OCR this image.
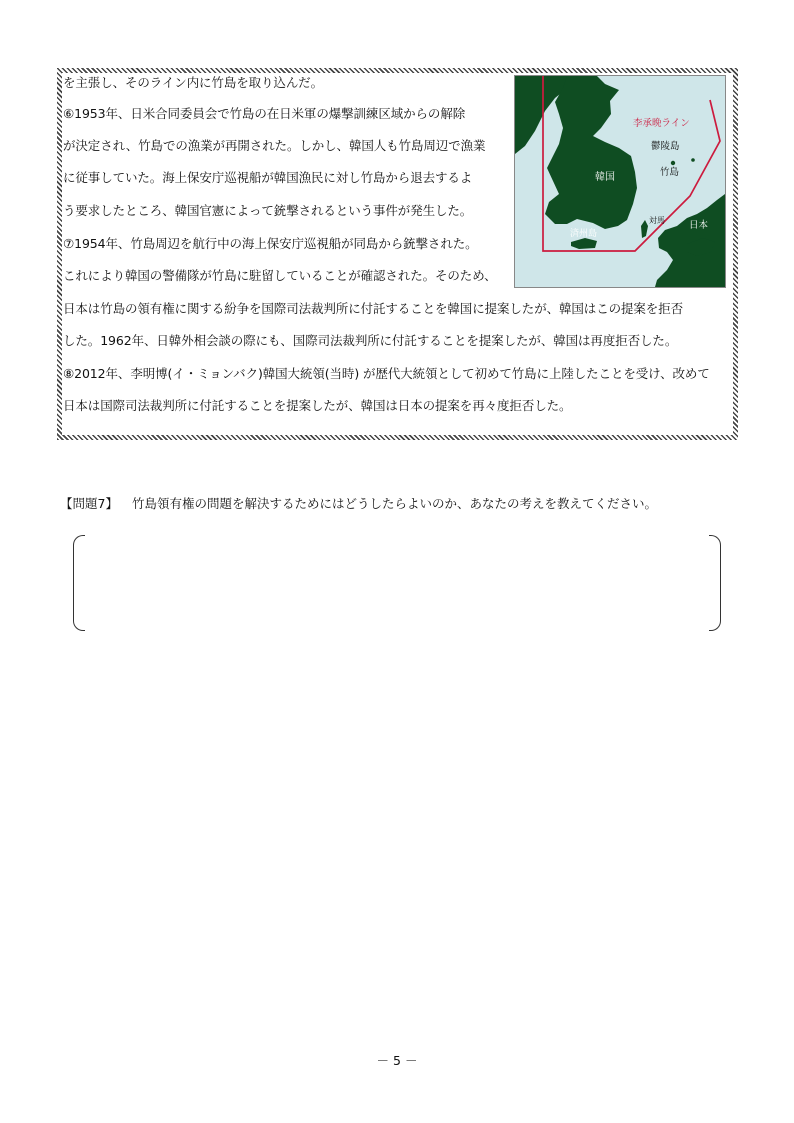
を主張し、そのライン内に竹島を取り込んだ。
⑥1953年、日米合同委員会で竹島の在日米軍の爆撃訓練区域からの解除
が決定され、竹島での漁業が再開された。しかし、韓国人も竹島周辺で漁業
に従事していた。海上保安庁巡視船が韓国漁民に対し竹島から退去するよ
う要求したところ、韓国官憲によって銃撃されるという事件が発生した。
⑦1954年、竹島周辺を航行中の海上保安庁巡視船が同島から銃撃された。
これにより韓国の警備隊が竹島に駐留していることが確認された。そのため、
日本は竹島の領有権に関する紛争を国際司法裁判所に付託することを韓国に提案したが、韓国はこの提案を拒否
した。1962年、日韓外相会談の際にも、国際司法裁判所に付託することを提案したが、韓国は再度拒否した。
⑧2012年、李明博(イ・ミョンバク)韓国大統領(当時) が歴代大統領として初めて竹島に上陸したことを受け、改めて
日本は国際司法裁判所に付託することを提案したが、韓国は日本の提案を再々度拒否した。
李承晩ライン
鬱陵島
竹島
韓国
済州島
対馬	日本
【問題7】 竹島領有権の問題を解決するためにはどうしたらよいのか、あなたの考えを教えてください。
－ 5 －
